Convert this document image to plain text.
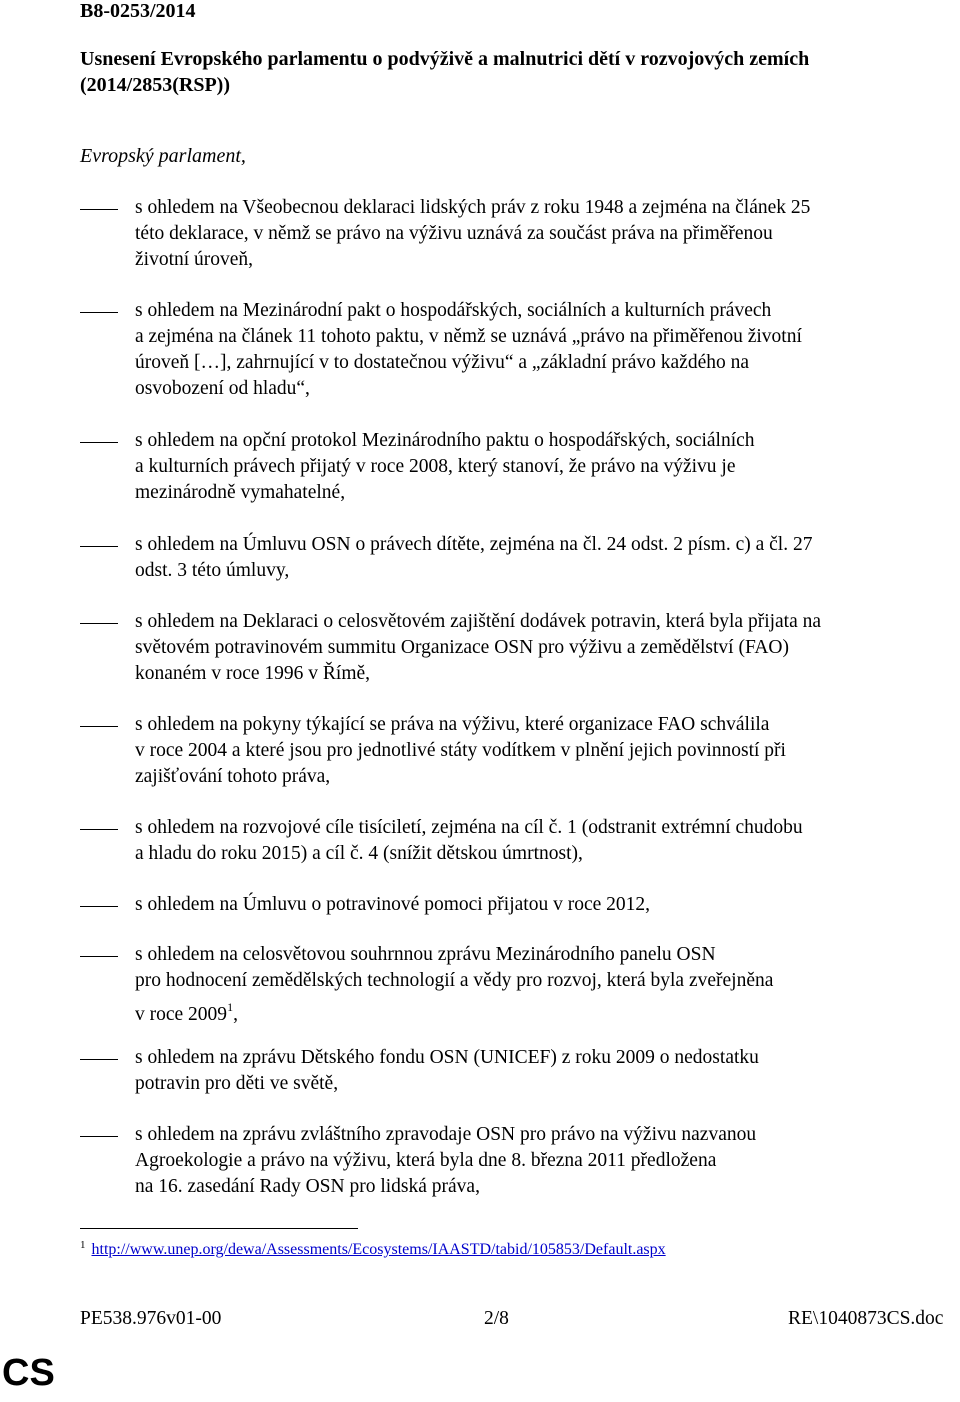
B8-0253/2014
Usnesení Evropského parlamentu o podvýživě a malnutrici dětí v rozvojových zemích
(2014/2853(RSP))
Evropský parlament,
s ohledem na Všeobecnou deklaraci lidských práv z roku 1948 a zejména na článek 25
této deklarace, v němž se právo na výživu uznává za součást práva na přiměřenou
životní úroveň,
s ohledem na Mezinárodní pakt o hospodářských, sociálních a kulturních právech
a zejména na článek 11 tohoto paktu, v němž se uznává „právo na přiměřenou životní
úroveň […], zahrnující v to dostatečnou výživu“ a „základní právo každého na
osvobození od hladu“,
s ohledem na opční protokol Mezinárodního paktu o hospodářských, sociálních
a kulturních právech přijatý v roce 2008, který stanoví, že právo na výživu je
mezinárodně vymahatelné,
s ohledem na Úmluvu OSN o právech dítěte, zejména na čl. 24 odst. 2 písm. c) a čl. 27
odst. 3 této úmluvy,
s ohledem na Deklaraci o celosvětovém zajištění dodávek potravin, která byla přijata na
světovém potravinovém summitu Organizace OSN pro výživu a zemědělství (FAO)
konaném v roce 1996 v Římě,
s ohledem na pokyny týkající se práva na výživu, které organizace FAO schválila
v roce 2004 a které jsou pro jednotlivé státy vodítkem v plnění jejich povinností při
zajišťování tohoto práva,
s ohledem na rozvojové cíle tisíciletí, zejména na cíl č. 1 (odstranit extrémní chudobu
a hladu do roku 2015) a cíl č. 4 (snížit dětskou úmrtnost),
s ohledem na Úmluvu o potravinové pomoci přijatou v roce 2012,
s ohledem na celosvětovou souhrnnou zprávu Mezinárodního panelu OSN
pro hodnocení zemědělských technologií a vědy pro rozvoj, která byla zveřejněna
v roce 2009$^1$,
s ohledem na zprávu Dětského fondu OSN (UNICEF) z roku 2009 o nedostatku
potravin pro děti ve světě,
s ohledem na zprávu zvláštního zpravodaje OSN pro právo na výživu nazvanou
Agroekologie a právo na výživu, která byla dne 8. března 2011 předložena
na 16. zasedání Rady OSN pro lidská práva,
$^1$ http://www.unep.org/dewa/Assessments/Ecosystems/IAASTD/tabid/105853/Default.aspx
PE538.976v01-00	2/8	RE\1040873CS.doc
CS
